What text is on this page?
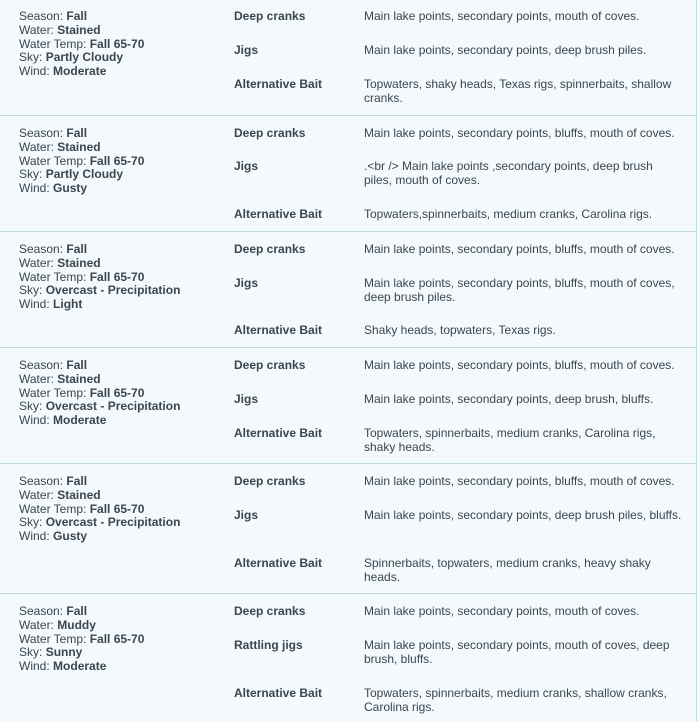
Season: Fall
Water: Stained
Water Temp: Fall 65-70
Sky: Partly Cloudy
Wind: Moderate
Deep cranks	Main lake points, secondary points, mouth of coves.
Jigs	Main lake points, secondary points, deep brush piles.
Alternative Bait	Topwaters, shaky heads, Texas rigs, spinnerbaits, shallow cranks.
Season: Fall
Water: Stained
Water Temp: Fall 65-70
Sky: Partly Cloudy
Wind: Gusty
Deep cranks	Main lake points, secondary points, bluffs, mouth of coves.
Jigs	.<br /> Main lake points ,secondary points, deep brush piles, mouth of coves.
Alternative Bait	Topwaters,spinnerbaits, medium cranks, Carolina rigs.
Season: Fall
Water: Stained
Water Temp: Fall 65-70
Sky: Overcast - Precipitation
Wind: Light
Deep cranks	Main lake points, secondary points, bluffs, mouth of coves.
Jigs	Main lake points, secondary points, bluffs, mouth of coves, deep brush piles.
Alternative Bait	Shaky heads, topwaters, Texas rigs.
Season: Fall
Water: Stained
Water Temp: Fall 65-70
Sky: Overcast - Precipitation
Wind: Moderate
Deep cranks	Main lake points, secondary points, bluffs, mouth of coves.
Jigs	Main lake points, secondary points, deep brush, bluffs.
Alternative Bait	Topwaters, spinnerbaits, medium cranks, Carolina rigs, shaky heads.
Season: Fall
Water: Stained
Water Temp: Fall 65-70
Sky: Overcast - Precipitation
Wind: Gusty
Deep cranks	Main lake points, secondary points, bluffs, mouth of coves.
Jigs	Main lake points, secondary points, deep brush piles, bluffs.
Alternative Bait	Spinnerbaits, topwaters, medium cranks, heavy shaky heads.
Season: Fall
Water: Muddy
Water Temp: Fall 65-70
Sky: Sunny
Wind: Moderate
Deep cranks	Main lake points, secondary points, mouth of coves.
Rattling jigs	Main lake points, secondary points, mouth of coves, deep brush, bluffs.
Alternative Bait	Topwaters, spinnerbaits, medium cranks, shallow cranks, Carolina rigs.
